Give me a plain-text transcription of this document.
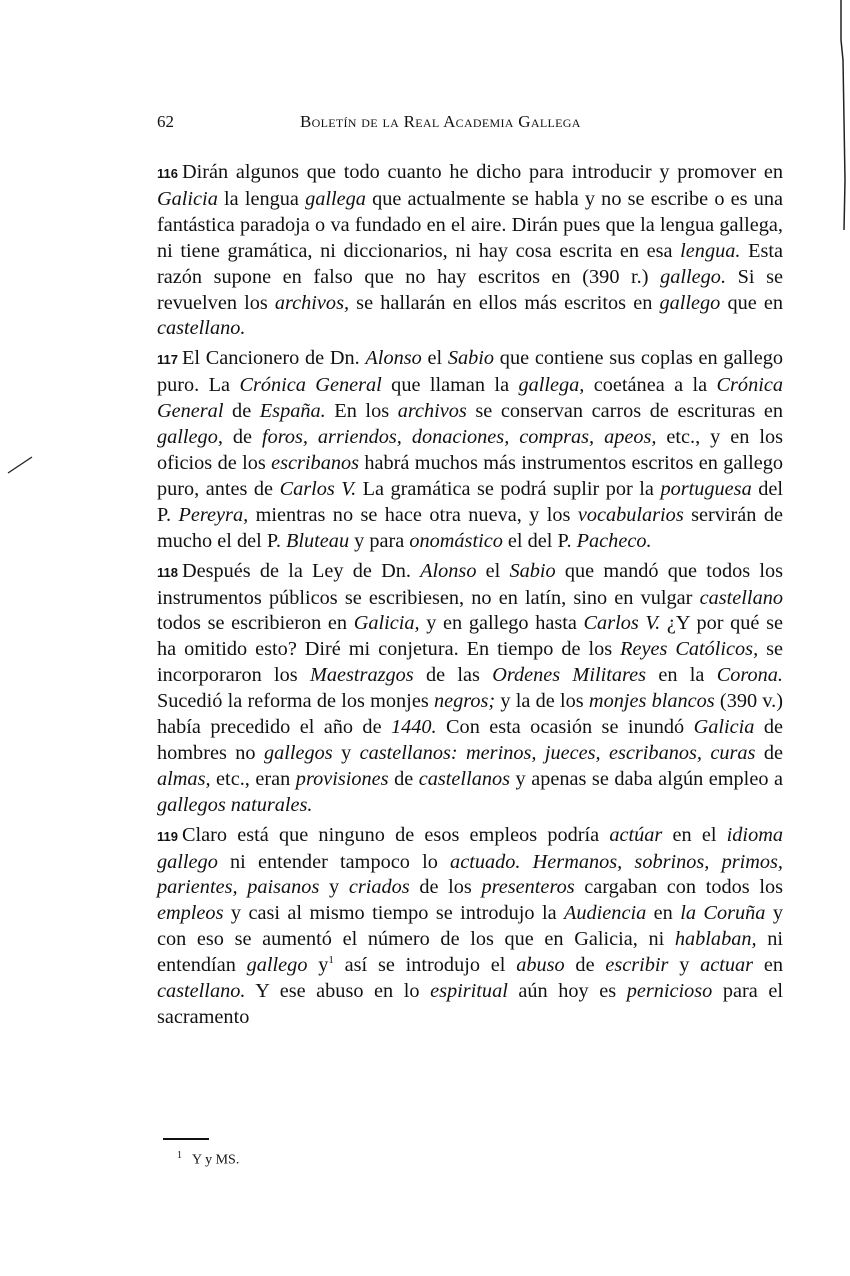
62	Boletín de la Real Academia Gallega

116 Dirán algunos que todo cuanto he dicho para introducir y promover en Galicia la lengua gallega que actualmente se habla y no se escribe o es una fantástica paradoja o va fundado en el aire. Dirán pues que la lengua gallega, ni tiene gramática, ni diccionarios, ni hay cosa escrita en esa lengua. Esta razón supone en falso que no hay escritos en (390 r.) gallego. Si se revuelven los archivos, se hallarán en ellos más escritos en gallego que en castellano.

117 El Cancionero de Dn. Alonso el Sabio que contiene sus coplas en gallego puro. La Crónica General que llaman la gallega, coetánea a la Crónica General de España. En los archivos se conservan carros de escrituras en gallego, de foros, arriendos, donaciones, compras, apeos, etc., y en los oficios de los escribanos habrá muchos más instrumentos escritos en gallego puro, antes de Carlos V. La gramática se podrá suplir por la portuguesa del P. Pereyra, mientras no se hace otra nueva, y los vocabularios servirán de mucho el del P. Bluteau y para onomástico el del P. Pacheco.

118 Después de la Ley de Dn. Alonso el Sabio que mandó que todos los instrumentos públicos se escribiesen, no en latín, sino en vulgar castellano todos se escribieron en Galicia, y en gallego hasta Carlos V. ¿Y por qué se ha omitido esto? Diré mi conjetura. En tiempo de los Reyes Católicos, se incorporaron los Maestrazgos de las Ordenes Militares en la Corona. Sucedió la reforma de los monjes negros; y la de los monjes blancos (390 v.) había precedido el año de 1440. Con esta ocasión se inundó Galicia de hombres no gallegos y castellanos: merinos, jueces, escribanos, curas de almas, etc., eran provisiones de castellanos y apenas se daba algún empleo a gallegos naturales.

119 Claro está que ninguno de esos empleos podría actúar en el idioma gallego ni entender tampoco lo actuado. Hermanos, sobrinos, primos, parientes, paisanos y criados de los presenteros cargaban con todos los empleos y casi al mismo tiempo se introdujo la Audiencia en la Coruña y con eso se aumentó el número de los que en Galicia, ni hablaban, ni entendían gallego $y^1$ así se introdujo el abuso de escribir y actuar en castellano. Y ese abuso en lo espiritual aún hoy es pernicioso para el sacramento

$^1$ Y y MS.
